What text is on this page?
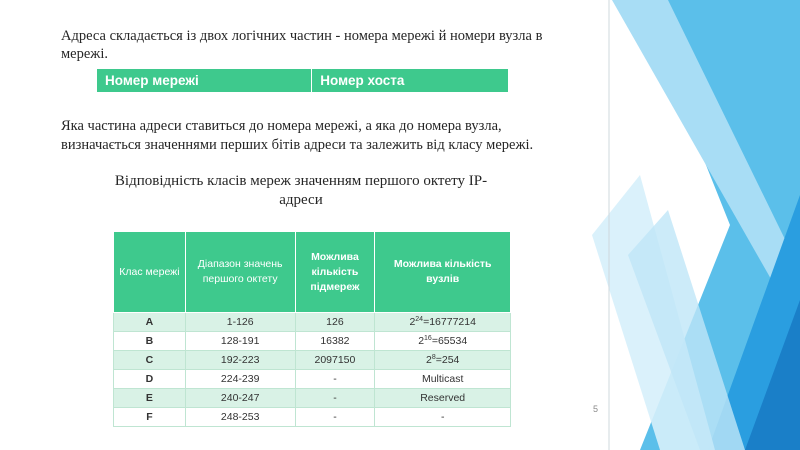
Адреса складається із двох логічних частин - номера мережі й номери вузла в мережі.
Номер мережі	Номер хоста
Яка частина адреси ставиться до номера мережі, а яка до номера вузла, визначається значеннями перших бітів адреси та залежить від класу мережі.
Відповідність класів мереж значенням першого октету IP-адреси
Клас мережі	Діапазон значень першого октету	Можлива кількість підмереж	Можлива кількість вузлів
A	1-126	126	$2^{24}=16777214$
B	128-191	16382	$2^{16}=65534$
C	192-223	2097150	$2^8=254$
D	224-239	-	Multicast
E	240-247	-	Reserved
F	248-253	-	-
5
